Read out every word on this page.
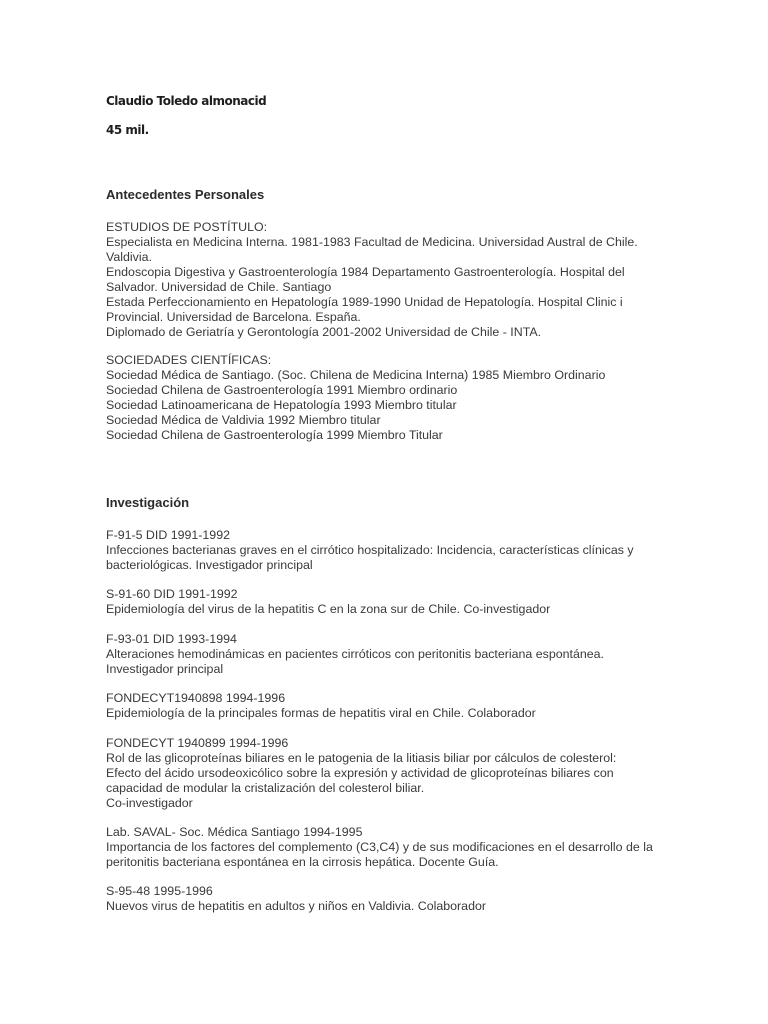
Claudio Toledo almonacid
45 mil.
Antecedentes Personales
ESTUDIOS DE POSTÍTULO:
Especialista en Medicina Interna. 1981-1983 Facultad de Medicina. Universidad Austral de Chile.
Valdivia.
Endoscopia Digestiva y Gastroenterología 1984 Departamento Gastroenterología. Hospital del
Salvador. Universidad de Chile. Santiago
Estada Perfeccionamiento en Hepatología 1989-1990 Unidad de Hepatología. Hospital Clinic i
Provincial. Universidad de Barcelona. España.
Diplomado de Geriatría y Gerontología 2001-2002 Universidad de Chile - INTA.
SOCIEDADES CIENTÍFICAS:
Sociedad Médica de Santiago. (Soc. Chilena de Medicina Interna) 1985 Miembro Ordinario
Sociedad Chilena de Gastroenterología 1991 Miembro ordinario
Sociedad Latinoamericana de Hepatología 1993 Miembro titular
Sociedad Médica de Valdivia 1992 Miembro titular
Sociedad Chilena de Gastroenterología 1999 Miembro Titular
Investigación
F-91-5 DID 1991-1992
Infecciones bacterianas graves en el cirrótico hospitalizado: Incidencia, características clínicas y
bacteriológicas. Investigador principal
S-91-60 DID 1991-1992
Epidemiología del virus de la hepatitis C en la zona sur de Chile. Co-investigador
F-93-01 DID 1993-1994
Alteraciones hemodinámicas en pacientes cirróticos con peritonitis bacteriana espontánea.
Investigador principal
FONDECYT1940898 1994-1996
Epidemiología de la principales formas de hepatitis viral en Chile. Colaborador
FONDECYT 1940899 1994-1996
Rol de las glicoproteínas biliares en le patogenia de la litiasis biliar por cálculos de colesterol:
Efecto del ácido ursodeoxicólico sobre la expresión y actividad de glicoproteínas biliares con
capacidad de modular la cristalización del colesterol biliar.
Co-investigador
Lab. SAVAL- Soc. Médica Santiago 1994-1995
Importancia de los factores del complemento (C3,C4) y de sus modificaciones en el desarrollo de la
peritonitis bacteriana espontánea en la cirrosis hepática. Docente Guía.
S-95-48 1995-1996
Nuevos virus de hepatitis en adultos y niños en Valdivia. Colaborador
